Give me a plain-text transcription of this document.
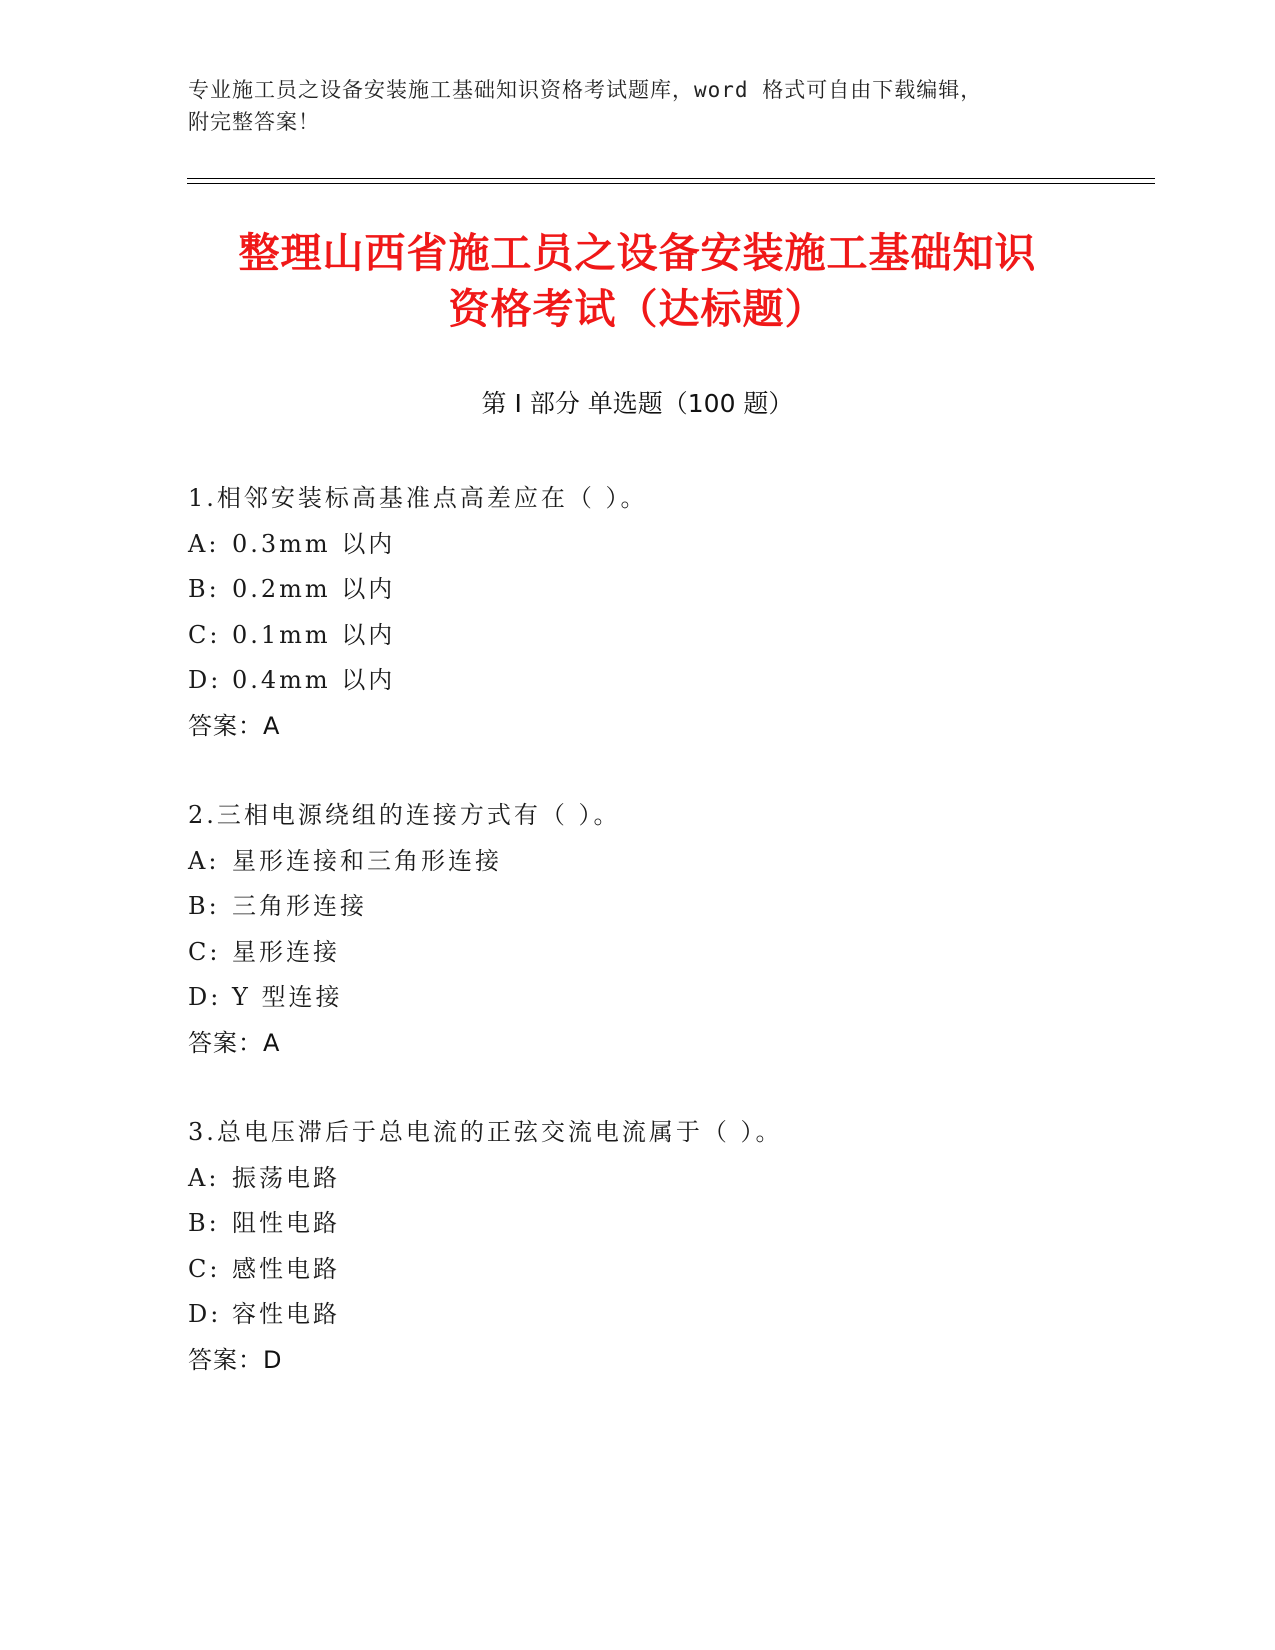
专业施工员之设备安装施工基础知识资格考试题库，word 格式可自由下载编辑，
附完整答案！
整理山西省施工员之设备安装施工基础知识
资格考试（达标题）
第 I 部分 单选题（100 题）
1.相邻安装标高基准点高差应在（ ）。
A: 0.3mm 以内
B: 0.2mm 以内
C: 0.1mm 以内
D: 0.4mm 以内
答案：A
2.三相电源绕组的连接方式有（ ）。
A: 星形连接和三角形连接
B: 三角形连接
C: 星形连接
D: Y 型连接
答案：A
3.总电压滞后于总电流的正弦交流电流属于（ ）。
A: 振荡电路
B: 阻性电路
C: 感性电路
D: 容性电路
答案：D
